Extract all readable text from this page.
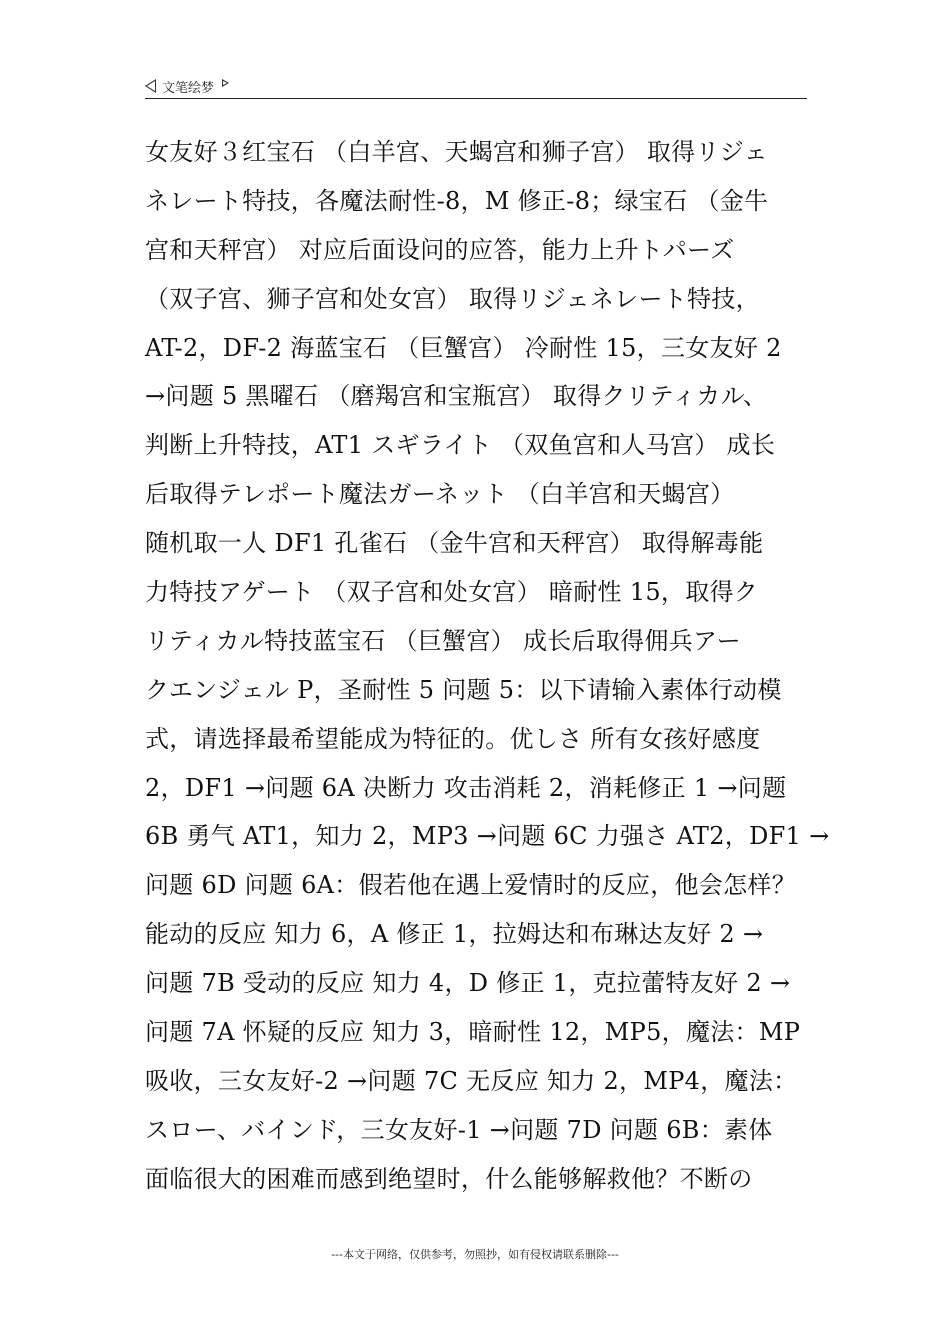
文笔绘梦
女友好３红宝石 （白羊宫、天蝎宫和狮子宫） 取得リジェ
ネレート特技，各魔法耐性-8，M 修正-8；绿宝石 （金牛
宫和天秤宫） 对应后面设问的应答，能力上升トパーズ
（双子宫、狮子宫和处女宫） 取得リジェネレート特技，
AT-2，DF-2 海蓝宝石 （巨蟹宫） 冷耐性 15，三女友好 2
→问题 5 黑曜石 （磨羯宫和宝瓶宫） 取得クリティカル、
判断上升特技，AT1 スギライト （双鱼宫和人马宫） 成长
后取得テレポート魔法ガーネット （白羊宫和天蝎宫）
随机取一人 DF1 孔雀石 （金牛宫和天秤宫） 取得解毒能
力特技アゲート （双子宫和处女宫） 暗耐性 15，取得ク
リティカル特技蓝宝石 （巨蟹宫） 成长后取得佣兵アー
クエンジェル P，圣耐性 5 问题 5：以下请输入素体行动模
式，请选择最希望能成为特征的。优しさ 所有女孩好感度
2，DF1 →问题 6A 决断力 攻击消耗 2，消耗修正 1 →问题
6B 勇气 AT1，知力 2，MP3 →问题 6C 力强さ AT2，DF1 →
问题 6D 问题 6A：假若他在遇上爱情时的反应，他会怎样？
能动的反应 知力 6，A 修正 1，拉姆达和布琳达友好 2 →
问题 7B 受动的反应 知力 4，D 修正 1，克拉蕾特友好 2 →
问题 7A 怀疑的反应 知力 3，暗耐性 12，MP5，魔法：MP
吸收，三女友好-2 →问题 7C 无反应 知力 2，MP4，魔法：
スロー、バインド，三女友好-1 →问题 7D 问题 6B：素体
面临很大的困难而感到绝望时，什么能够解救他？不断の
---本文于网络，仅供参考，勿照抄，如有侵权请联系删除---
